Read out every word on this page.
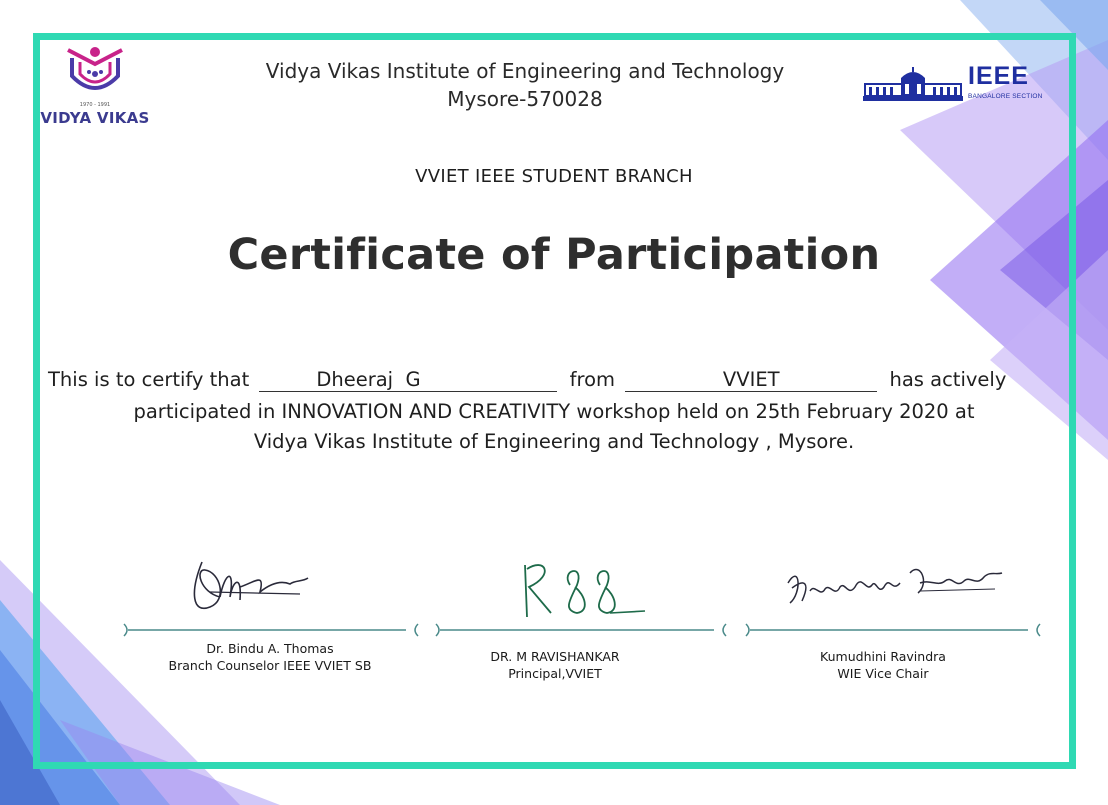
1970 - 1991
VIDYA VIKAS
Vidya Vikas Institute of Engineering and Technology
Mysore-570028
IEEE
BANGALORE SECTION
VVIET IEEE STUDENT BRANCH
Certificate of Participation
This is to certify that	Dheeraj  G	from	VVIET	has actively
participated in INNOVATION AND CREATIVITY workshop held on 25th February 2020 at
Vidya Vikas Institute of Engineering and Technology , Mysore.
Dr. Bindu A. Thomas
Branch Counselor IEEE VVIET SB
DR. M RAVISHANKAR
Principal,VVIET
Kumudhini Ravindra
WIE Vice Chair
